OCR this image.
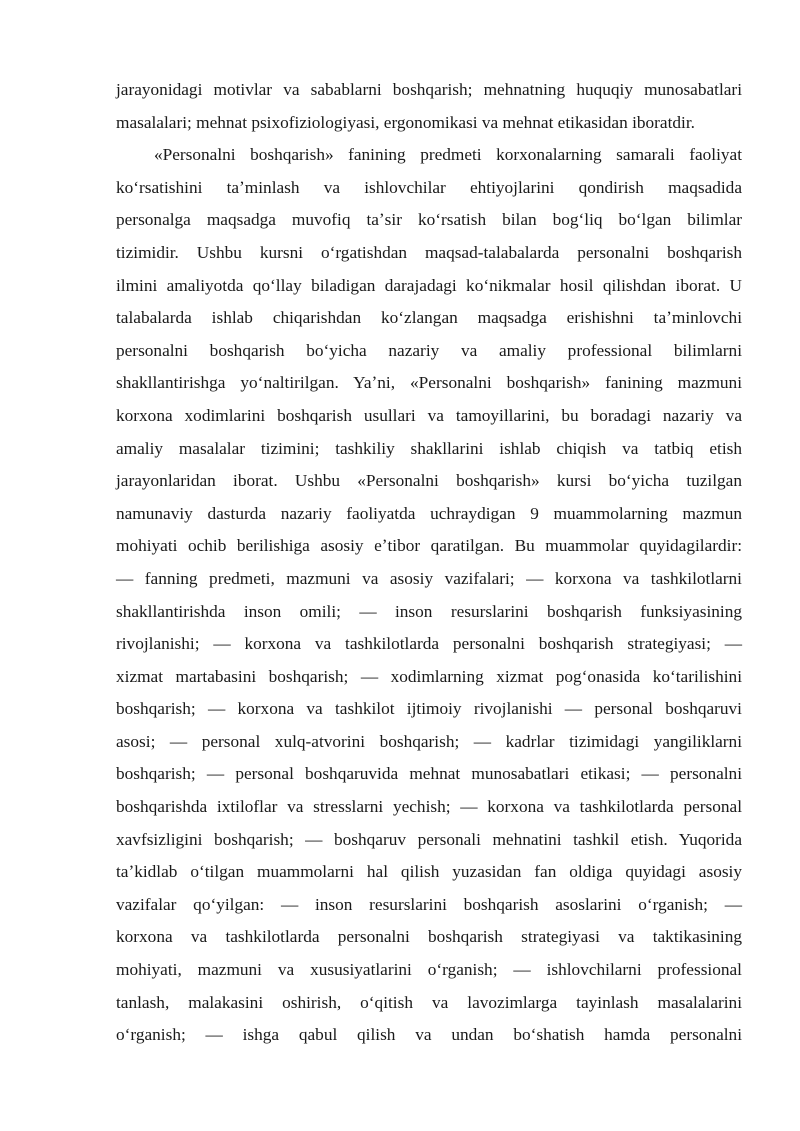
jarayonidagi motivlar va sabablarni boshqarish; mehnatning huquqiy munosabatlari
masalalari; mehnat psixofiziologiyasi, ergonomikasi va mehnat etikasidan iboratdir.
«Personalni boshqarish» fanining predmeti korxonalarning samarali faoliyat
koʻrsatishini taʼminlash va ishlovchilar ehtiyojlarini qondirish maqsadida
personalga maqsadga muvofiq taʼsir koʻrsatish bilan bogʻliq boʻlgan bilimlar
tizimidir. Ushbu kursni oʻrgatishdan maqsad-talabalarda personalni boshqarish
ilmini amaliyotda qoʻllay biladigan darajadagi koʻnikmalar hosil qilishdan iborat. U
talabalarda ishlab chiqarishdan koʻzlangan maqsadga erishishni taʼminlovchi
personalni boshqarish boʻyicha nazariy va amaliy professional bilimlarni
shakllantirishga yoʻnaltirilgan. Yaʼni, «Personalni boshqarish» fanining mazmuni
korxona xodimlarini boshqarish usullari va tamoyillarini, bu boradagi nazariy va
amaliy masalalar tizimini; tashkiliy shakllarini ishlab chiqish va tatbiq etish
jarayonlaridan iborat. Ushbu «Personalni boshqarish» kursi boʻyicha tuzilgan
namunaviy dasturda nazariy faoliyatda uchraydigan 9 muammolarning mazmun
mohiyati ochib berilishiga asosiy eʼtibor qaratilgan. Bu muammolar quyidagilardir:
— fanning predmeti, mazmuni va asosiy vazifalari; — korxona va tashkilotlarni
shakllantirishda inson omili; — inson resurslarini boshqarish funksiyasining
rivojlanishi; — korxona va tashkilotlarda personalni boshqarish strategiyasi; —
xizmat martabasini boshqarish; — xodimlarning xizmat pogʻonasida koʻtarilishini
boshqarish; — korxona va tashkilot ijtimoiy rivojlanishi — personal boshqaruvi
asosi; — personal xulq-atvorini boshqarish; — kadrlar tizimidagi yangiliklarni
boshqarish; — personal boshqaruvida mehnat munosabatlari etikasi; — personalni
boshqarishda ixtiloflar va stresslarni yechish; — korxona va tashkilotlarda personal
xavfsizligini boshqarish; — boshqaruv personali mehnatini tashkil etish. Yuqorida
taʼkidlab oʻtilgan muammolarni hal qilish yuzasidan fan oldiga quyidagi asosiy
vazifalar qoʻyilgan: — inson resurslarini boshqarish asoslarini oʻrganish; —
korxona va tashkilotlarda personalni boshqarish strategiyasi va taktikasining
mohiyati, mazmuni va xususiyatlarini oʻrganish; — ishlovchilarni professional
tanlash, malakasini oshirish, oʻqitish va lavozimlarga tayinlash masalalarini
oʻrganish; — ishga qabul qilish va undan boʻshatish hamda personalni
